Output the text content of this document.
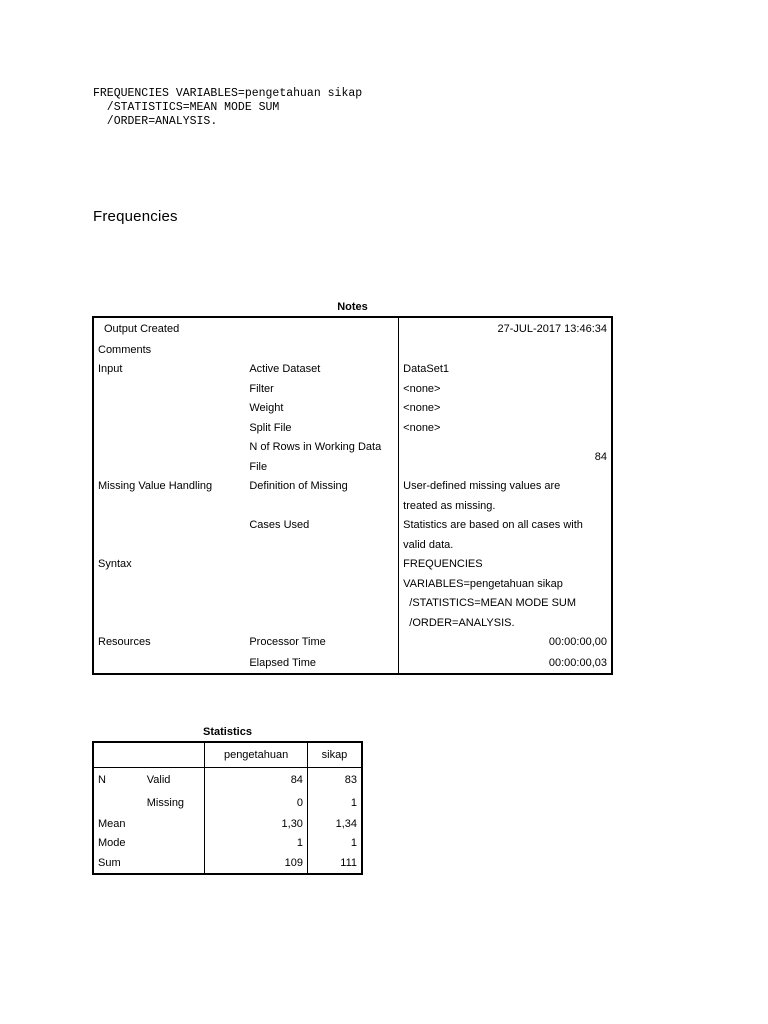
FREQUENCIES VARIABLES=pengetahuan sikap
/STATISTICS=MEAN MODE SUM
/ORDER=ANALYSIS.
Frequencies
Notes
Output Created		27-JUL-2017 13:46:34
Comments		
Input	Active Dataset	DataSet1
	Filter	<none>
	Weight	<none>
	Split File	<none>
	N of Rows in Working Data	84
	File	
Missing Value Handling	Definition of Missing	User-defined missing values are
		treated as missing.
	Cases Used	Statistics are based on all cases with
		valid data.
Syntax		FREQUENCIES
		VARIABLES=pengetahuan sikap
		/STATISTICS=MEAN MODE SUM
		/ORDER=ANALYSIS.
Resources	Processor Time	00:00:00,00
	Elapsed Time	00:00:00,03
Statistics
		pengetahuan	sikap
N	Valid	84	83
	Missing	0	1
Mean		1,30	1,34
Mode		1	1
Sum		109	111
